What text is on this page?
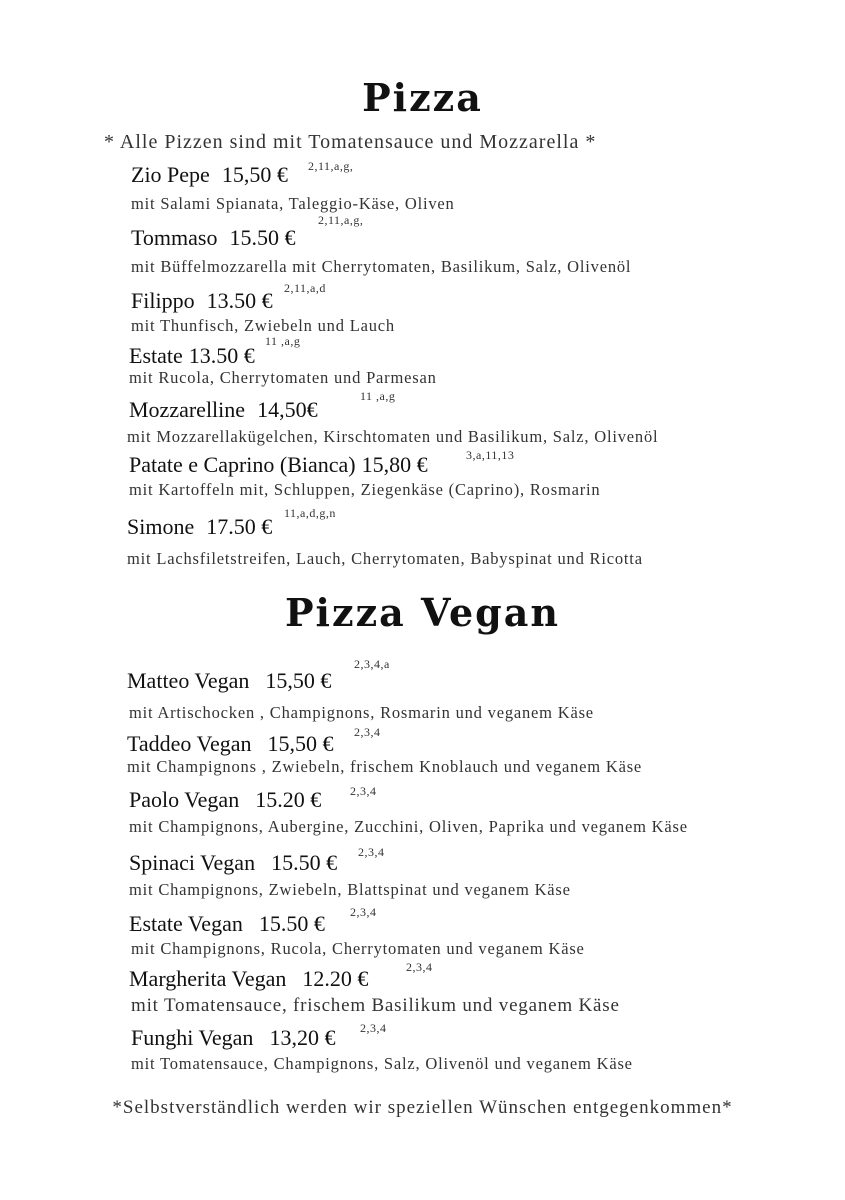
Pizza
* Alle Pizzen sind mit Tomatensauce und Mozzarella *
Zio Pepe 15,50 € 2,11,a,g,
mit Salami Spianata, Taleggio-Käse, Oliven
Tommaso 15.50 €
2,11,a,g,
mit Büffelmozzarella mit Cherrytomaten, Basilikum, Salz, Olivenöl
Filippo 13.50 € 2,11,a,d
mit Thunfisch, Zwiebeln und Lauch
Estate 13.50 €
11 ,a,g
mit Rucola, Cherrytomaten und Parmesan
Mozzarelline 14,50€
11 ,a,g
mit Mozzarellakügelchen, Kirschtomaten und Basilikum, Salz, Olivenöl
Patate e Caprino (Bianca) 15,80 €	3,a,11,13
mit Kartoffeln mit, Schluppen, Ziegenkäse (Caprino), Rosmarin
Simone 17.50 €
11,a,d,g,n
mit Lachsfiletstreifen, Lauch, Cherrytomaten, Babyspinat und Ricotta
Pizza Vegan
Matteo Vegan 15,50 €
2,3,4,a
mit Artischocken , Champignons, Rosmarin und veganem Käse
Taddeo Vegan 15,50 € 2,3,4
mit Champignons , Zwiebeln, frischem Knoblauch und veganem Käse
Paolo Vegan 15.20 € 2,3,4
mit Champignons, Aubergine, Zucchini, Oliven, Paprika und veganem Käse
Spinaci Vegan 15.50 € 2,3,4
mit Champignons, Zwiebeln, Blattspinat und veganem Käse
Estate Vegan 15.50 € 2,3,4
mit Champignons, Rucola, Cherrytomaten und veganem Käse
Margherita Vegan 12.20 €	2,3,4
mit Tomatensauce, frischem Basilikum und veganem Käse
Funghi Vegan 13,20 € 2,3,4
mit Tomatensauce, Champignons, Salz, Olivenöl und veganem Käse
*Selbstverständlich werden wir speziellen Wünschen entgegenkommen*
